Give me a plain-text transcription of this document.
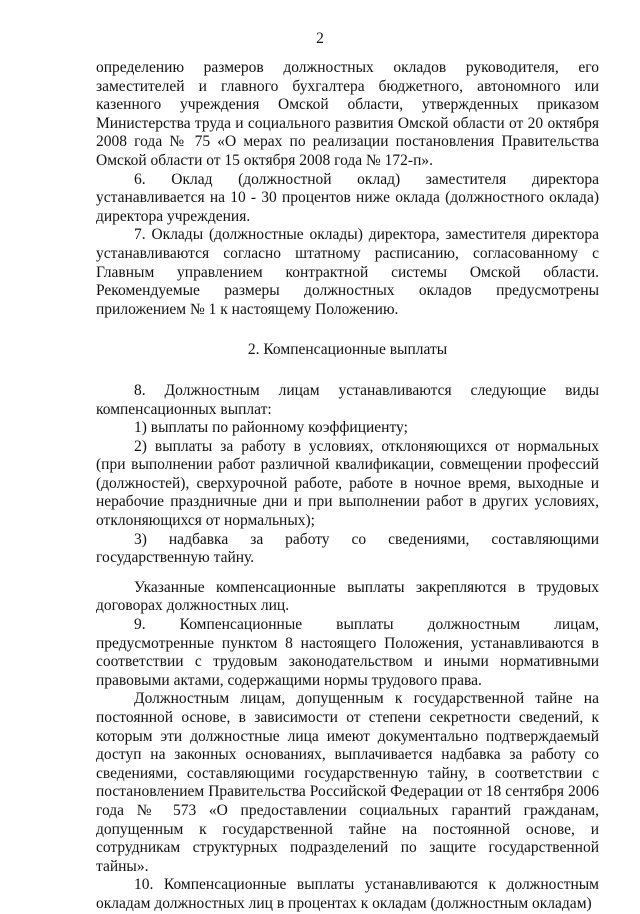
2

определению размеров должностных окладов руководителя, его заместителей и главного бухгалтера бюджетного, автономного или казенного учреждения Омской области, утвержденных приказом Министерства труда и социального развития Омской области от 20 октября 2008 года № 75 «О мерах по реализации постановления Правительства Омской области от 15 октября 2008 года № 172-п».

6. Оклад (должностной оклад) заместителя директора устанавливается на 10 - 30 процентов ниже оклада (должностного оклада) директора учреждения.

7. Оклады (должностные оклады) директора, заместителя директора устанавливаются согласно штатному расписанию, согласованному с Главным управлением контрактной системы Омской области. Рекомендуемые размеры должностных окладов предусмотрены приложением № 1 к настоящему Положению.

2. Компенсационные выплаты

8. Должностным лицам устанавливаются следующие виды компенсационных выплат:

1) выплаты по районному коэффициенту;

2) выплаты за работу в условиях, отклоняющихся от нормальных (при выполнении работ различной квалификации, совмещении профессий (должностей), сверхурочной работе, работе в ночное время, выходные и нерабочие праздничные дни и при выполнении работ в других условиях, отклоняющихся от нормальных);

3) надбавка за работу со сведениями, составляющими государственную тайну.

Указанные компенсационные выплаты закрепляются в трудовых договорах должностных лиц.

9. Компенсационные выплаты должностным лицам, предусмотренные пунктом 8 настоящего Положения, устанавливаются в соответствии с трудовым законодательством и иными нормативными правовыми актами, содержащими нормы трудового права.

Должностным лицам, допущенным к государственной тайне на постоянной основе, в зависимости от степени секретности сведений, к которым эти должностные лица имеют документально подтверждаемый доступ на законных основаниях, выплачивается надбавка за работу со сведениями, составляющими государственную тайну, в соответствии с постановлением Правительства Российской Федерации от 18 сентября 2006 года № 573 «О предоставлении социальных гарантий гражданам, допущенным к государственной тайне на постоянной основе, и сотрудникам структурных подразделений по защите государственной тайны».

10. Компенсационные выплаты устанавливаются к должностным окладам должностных лиц в процентах к окладам (должностным окладам)
